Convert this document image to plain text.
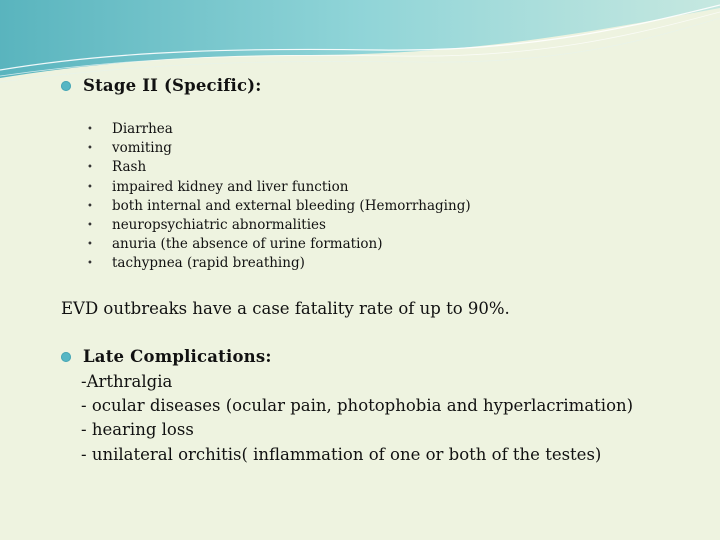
Stage II (Specific):
• Diarrhea
• vomiting
• Rash
• impaired kidney and liver function
• both internal and external bleeding (Hemorrhaging)
• neuropsychiatric abnormalities
• anuria (the absence of urine formation)
• tachypnea (rapid breathing)
EVD outbreaks have a case fatality rate of up to 90%.
Late Complications:
-Arthralgia
- ocular diseases (ocular pain, photophobia and hyperlacrimation)
- hearing loss
- unilateral orchitis( inflammation of one or both of the testes)
